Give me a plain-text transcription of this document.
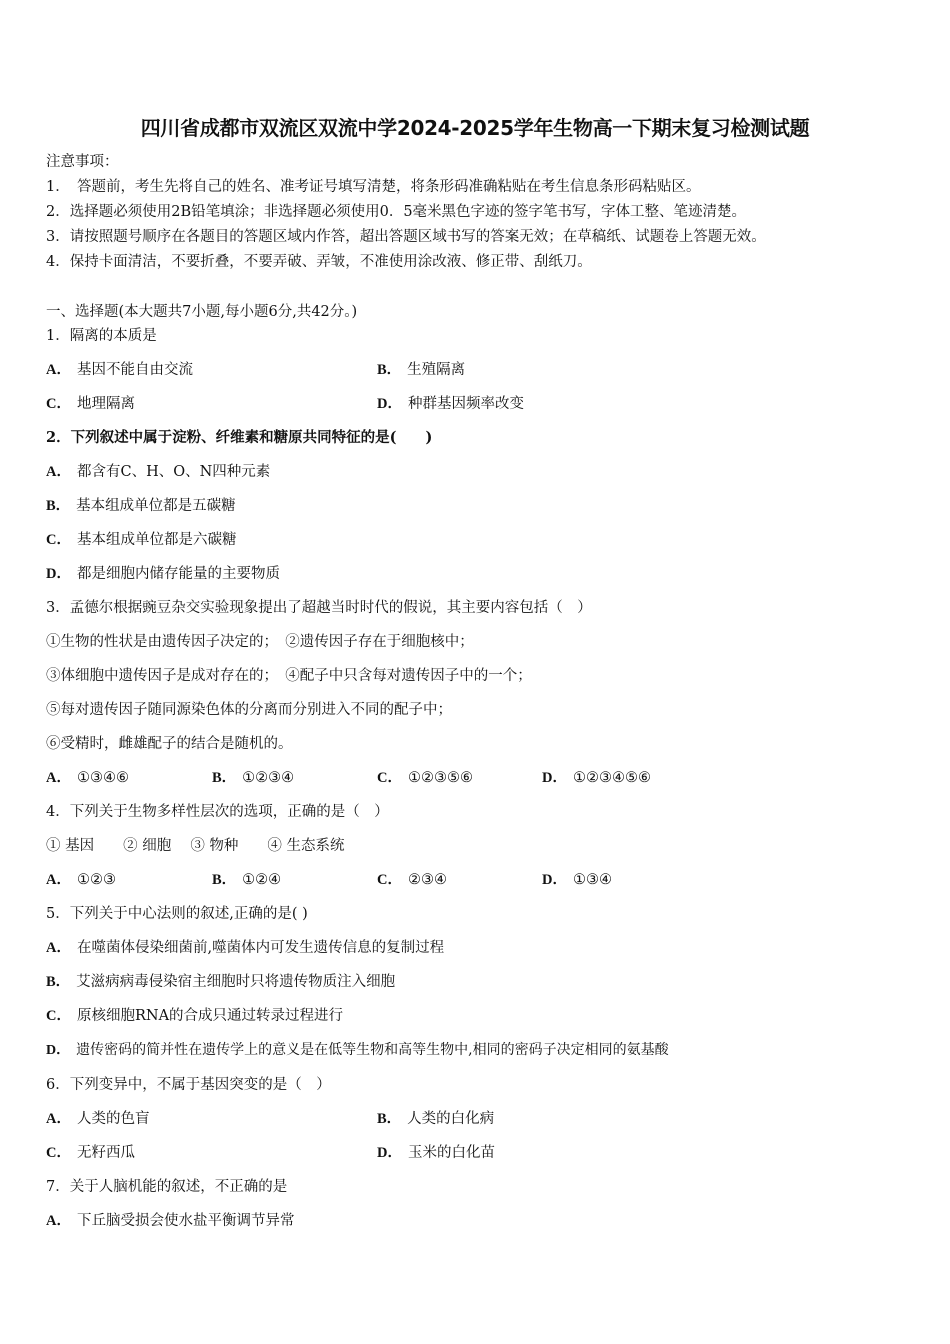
四川省成都市双流区双流中学2024-2025学年生物高一下期末复习检测试题
注意事项：
1．　答题前，考生先将自己的姓名、准考证号填写清楚，将条形码准确粘贴在考生信息条形码粘贴区。
2．选择题必须使用2B铅笔填涂；非选择题必须使用0．5毫米黑色字迹的签字笔书写，字体工整、笔迹清楚。
3．请按照题号顺序在各题目的答题区域内作答，超出答题区域书写的答案无效；在草稿纸、试题卷上答题无效。
4．保持卡面清洁，不要折叠，不要弄破、弄皱，不准使用涂改液、修正带、刮纸刀。
一、选择题(本大题共7小题,每小题6分,共42分。)
1．隔离的本质是
A． 基因不能自由交流	B． 生殖隔离
C． 地理隔离	D． 种群基因频率改变
2．下列叙述中属于淀粉、纤维素和糖原共同特征的是(　　)
A． 都含有C、H、O、N四种元素
B． 基本组成单位都是五碳糖
C． 基本组成单位都是六碳糖
D． 都是细胞内储存能量的主要物质
3．孟德尔根据豌豆杂交实验现象提出了超越当时时代的假说，其主要内容包括（　）
①生物的性状是由遗传因子决定的；　②遗传因子存在于细胞核中；
③体细胞中遗传因子是成对存在的；　④配子中只含每对遗传因子中的一个；
⑤每对遗传因子随同源染色体的分离而分别进入不同的配子中；
⑥受精时，雌雄配子的结合是随机的。
A． ①③④⑥	B． ①②③④	C． ①②③⑤⑥	D． ①②③④⑤⑥
4．下列关于生物多样性层次的选项，正确的是（　）
① 基因　　② 细胞　 ③ 物种　　④ 生态系统
A． ①②③	B． ①②④	C． ②③④	D． ①③④
5．下列关于中心法则的叙述,正确的是( )
A． 在噬菌体侵染细菌前,噬菌体内可发生遗传信息的复制过程
B． 艾滋病病毒侵染宿主细胞时只将遗传物质注入细胞
C． 原核细胞RNA的合成只通过转录过程进行
D． 遗传密码的简并性在遗传学上的意义是在低等生物和高等生物中,相同的密码子决定相同的氨基酸
6．下列变异中，不属于基因突变的是（　）
A． 人类的色盲	B． 人类的白化病
C． 无籽西瓜	D． 玉米的白化苗
7．关于人脑机能的叙述，不正确的是
A． 下丘脑受损会使水盐平衡调节异常
